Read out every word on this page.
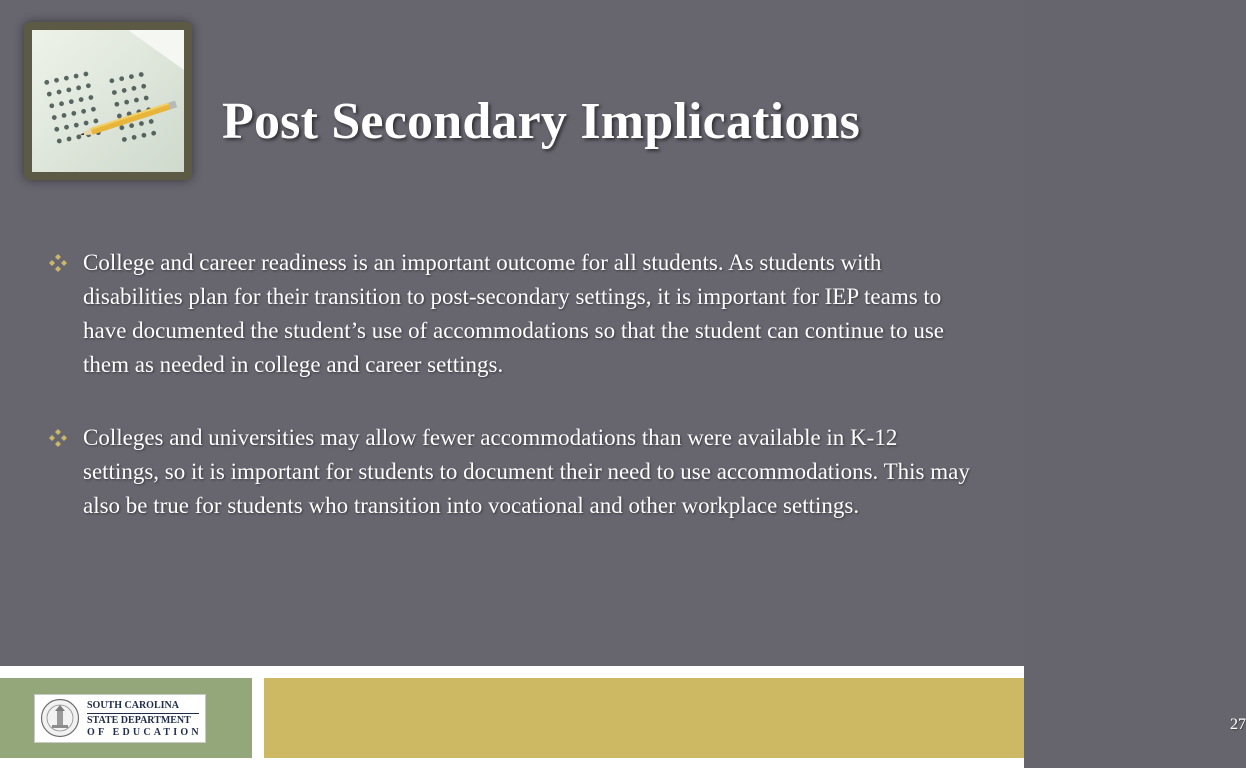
Post Secondary Implications
College and career readiness is an important outcome for all students. As students with disabilities plan for their transition to post-secondary settings, it is important for IEP teams to have documented the student’s use of accommodations so that the student can continue to use them as needed in college and career settings.
Colleges and universities may allow fewer accommodations than were available in K-12 settings, so it is important for students to document their need to use accommodations. This may also be true for students who transition into vocational and other workplace settings.
SOUTH CAROLINA
STATE DEPARTMENT
OF EDUCATION	27
